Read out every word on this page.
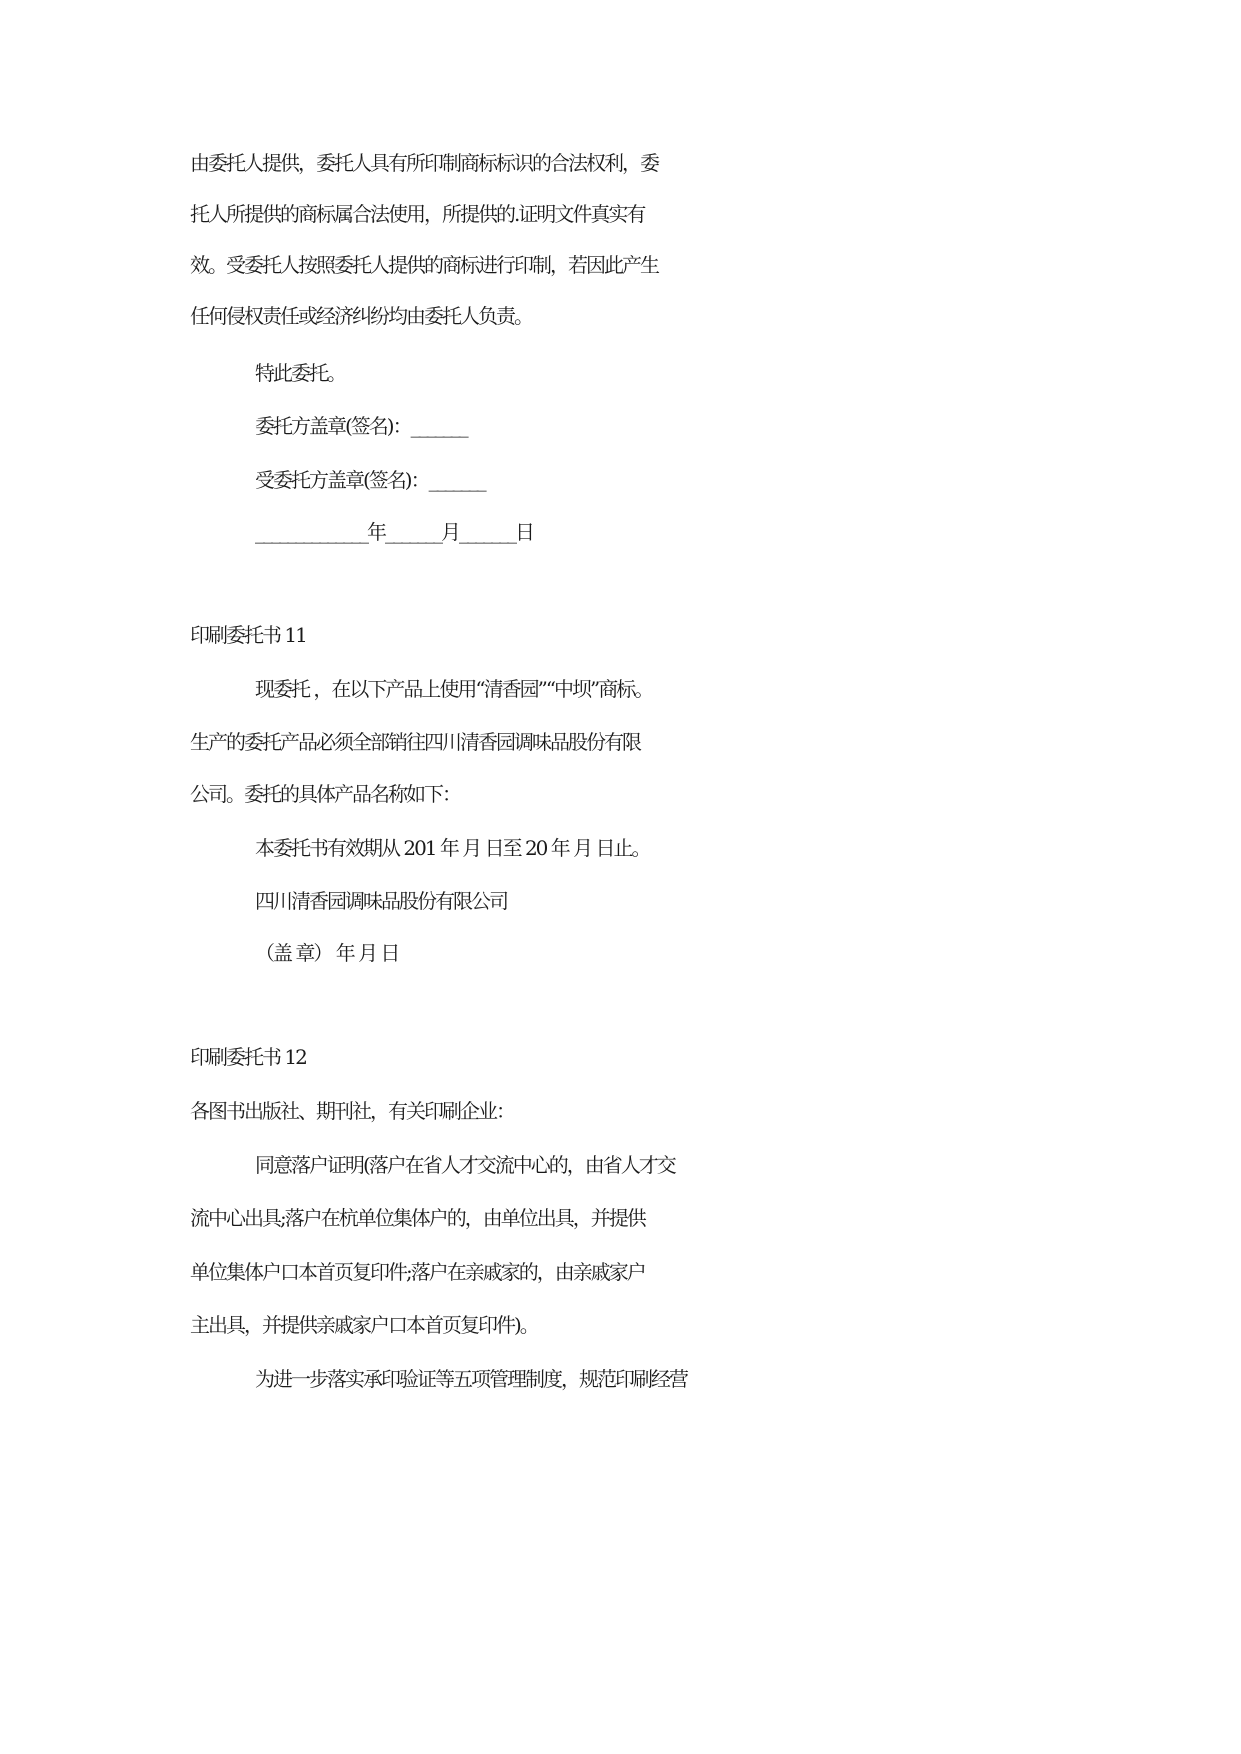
由委托人提供，委托人具有所印制商标标识的合法权利，委
托人所提供的商标属合法使用，所提供的.证明文件真实有
效。受委托人按照委托人提供的商标进行印制，若因此产生
任何侵权责任或经济纠纷均由委托人负责。
特此委托。
委托方盖章(签名)：_______
受委托方盖章(签名)：_______
______________年_______月_______日
印刷委托书 11
现委托 ，在以下产品上使用“清香园”“中坝”商标。
生产的委托产品必须全部销往四川清香园调味品股份有限
公司。委托的具体产品名称如下：
本委托书有效期从 201 年 月 日至 20 年 月 日止。
四川清香园调味品股份有限公司
（盖 章） 年 月 日
印刷委托书 12
各图书出版社、期刊社，有关印刷企业：
同意落户证明(落户在省人才交流中心的，由省人才交
流中心出具;落户在杭单位集体户的，由单位出具，并提供
单位集体户口本首页复印件;落户在亲戚家的，由亲戚家户
主出具，并提供亲戚家户口本首页复印件)。
为进一步落实承印验证等五项管理制度，规范印刷经营
